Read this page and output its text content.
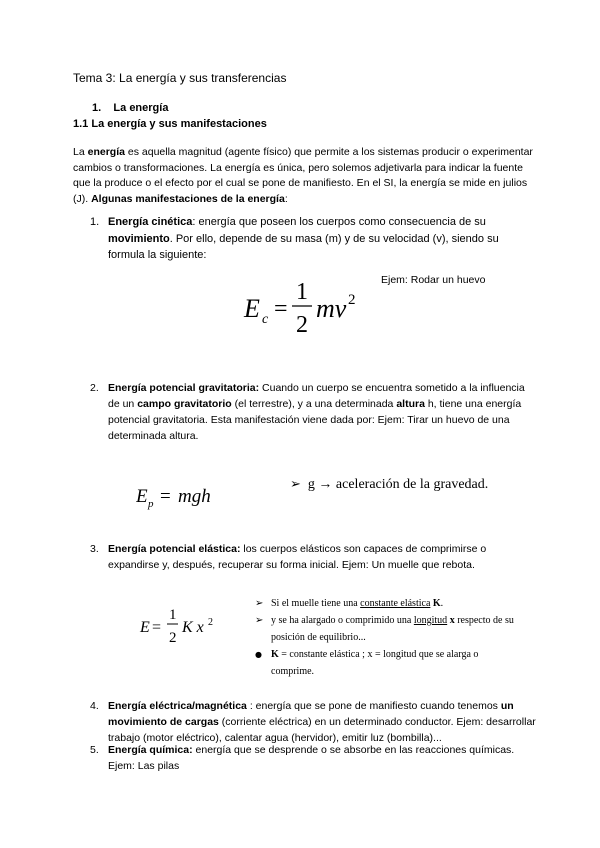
Tema 3: La energía y sus transferencias
1. La energía
1.1 La energía y sus manifestaciones
La energía es aquella magnitud (agente físico) que permite a los sistemas producir o experimentar cambios o transformaciones. La energía es única, pero solemos adjetivarla para indicar la fuente que la produce o el efecto por el cual se pone de manifiesto. En el SI, la energía se mide en julios (J). Algunas manifestaciones de la energía:
1. Energía cinética: energía que poseen los cuerpos como consecuencia de su movimiento. Por ello, depende de su masa (m) y de su velocidad (v), siendo su formula la siguiente:
Ejem: Rodar un huevo
E c =
1
2
mv 2
2. Energía potencial gravitatoria: Cuando un cuerpo se encuentra sometido a la influencia de un campo gravitatorio (el terrestre), y a una determinada altura h, tiene una energía potencial gravitatoria. Esta manifestación viene dada por: Ejem: Tirar un huevo de una determinada altura.
E p = mgh
➢ g → aceleración de la gravedad.
3. Energía potencial elástica: los cuerpos elásticos son capaces de comprimirse o expandirse y, después, recuperar su forma inicial. Ejem: Un muelle que rebota.
E =
1
2
K x 2
➢ Si el muelle tiene una constante elástica K.
➢ y se ha alargado o comprimido una longitud x respecto de su posición de equilibrio...
● K = constante elástica ; x = longitud que se alarga o comprime.
4. Energía eléctrica/magnética : energía que se pone de manifiesto cuando tenemos un movimiento de cargas (corriente eléctrica) en un determinado conductor. Ejem: desarrollar trabajo (motor eléctrico), calentar agua (hervidor), emitir luz (bombilla)...
5. Energía química: energía que se desprende o se absorbe en las reacciones químicas. Ejem: Las pilas
